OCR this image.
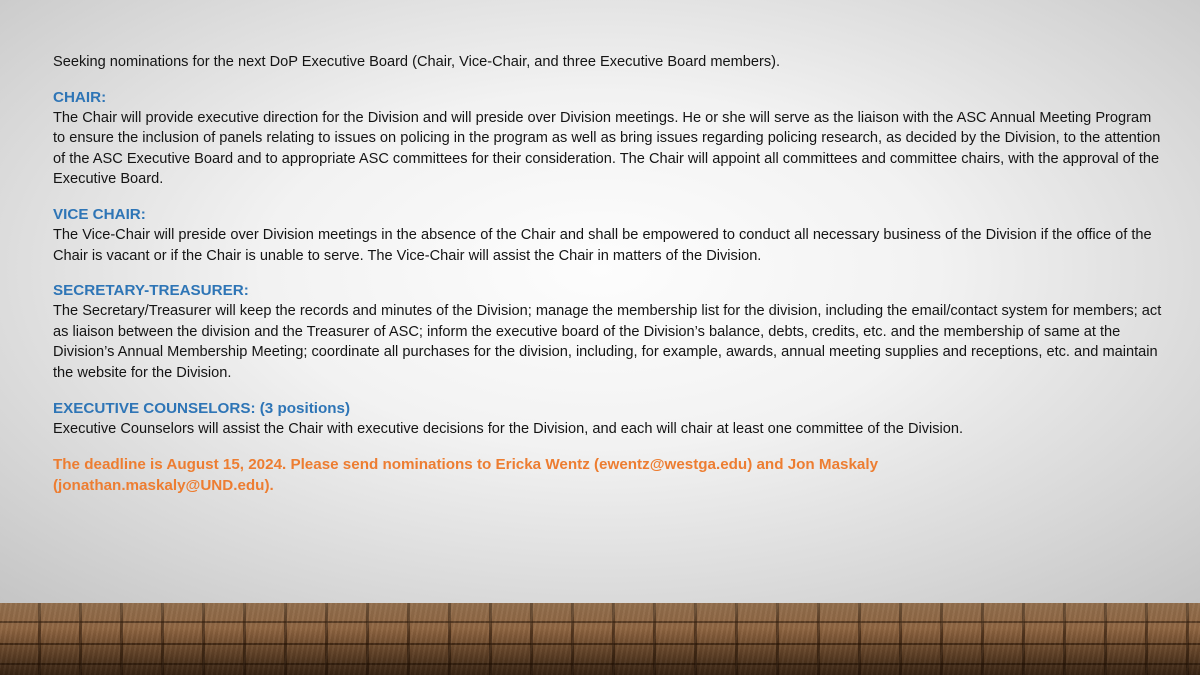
Seeking nominations for the next DoP Executive Board (Chair, Vice-Chair, and three Executive Board members).
CHAIR:
The Chair will provide executive direction for the Division and will preside over Division meetings. He or she will serve as the liaison with the ASC Annual Meeting Program to ensure the inclusion of panels relating to issues on policing in the program as well as bring issues regarding policing research, as decided by the Division, to the attention of the ASC Executive Board and to appropriate ASC committees for their consideration. The Chair will appoint all committees and committee chairs, with the approval of the Executive Board.
VICE CHAIR:
The Vice-Chair will preside over Division meetings in the absence of the Chair and shall be empowered to conduct all necessary business of the Division if the office of the Chair is vacant or if the Chair is unable to serve. The Vice-Chair will assist the Chair in matters of the Division.
SECRETARY-TREASURER:
The Secretary/Treasurer will keep the records and minutes of the Division; manage the membership list for the division, including the email/contact system for members; act as liaison between the division and the Treasurer of ASC; inform the executive board of the Division’s balance, debts, credits, etc. and the membership of same at the Division’s Annual Membership Meeting; coordinate all purchases for the division, including, for example, awards, annual meeting supplies and receptions, etc. and maintain the website for the Division.
EXECUTIVE COUNSELORS: (3 positions)
Executive Counselors will assist the Chair with executive decisions for the Division, and each will chair at least one committee of the Division.
The deadline is August 15, 2024. Please send nominations to Ericka Wentz (ewentz@westga.edu) and Jon Maskaly (jonathan.maskaly@UND.edu).
